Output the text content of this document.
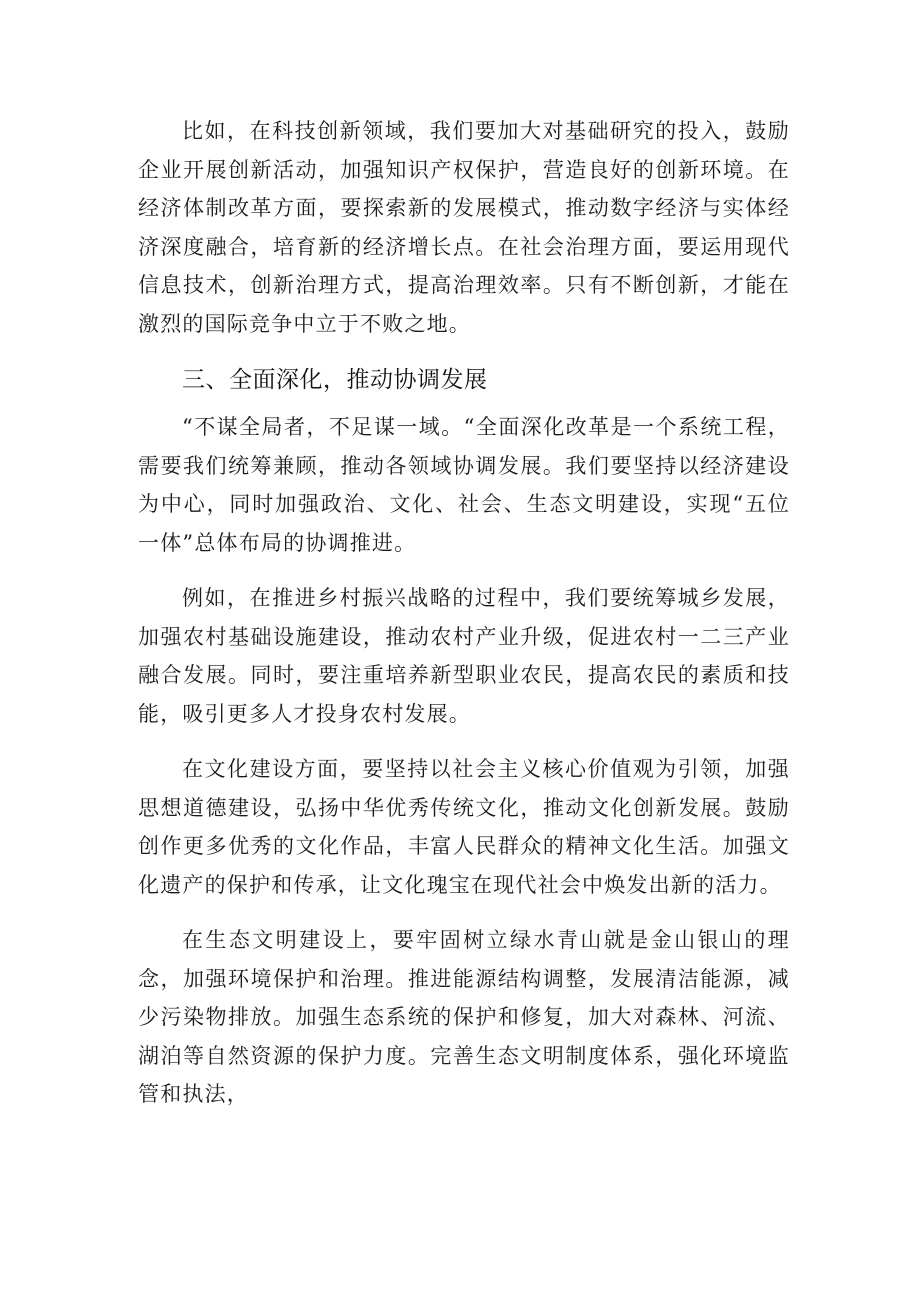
比如，在科技创新领域，我们要加大对基础研究的投入，鼓励企业开展创新活动，加强知识产权保护，营造良好的创新环境。在经济体制改革方面，要探索新的发展模式，推动数字经济与实体经济深度融合，培育新的经济增长点。在社会治理方面，要运用现代信息技术，创新治理方式，提高治理效率。只有不断创新，才能在激烈的国际竞争中立于不败之地。

三、全面深化，推动协调发展

“不谋全局者，不足谋一域。“全面深化改革是一个系统工程，需要我们统筹兼顾，推动各领域协调发展。我们要坚持以经济建设为中心，同时加强政治、文化、社会、生态文明建设，实现“五位一体”总体布局的协调推进。

例如，在推进乡村振兴战略的过程中，我们要统筹城乡发展，加强农村基础设施建设，推动农村产业升级，促进农村一二三产业融合发展。同时，要注重培养新型职业农民，提高农民的素质和技能，吸引更多人才投身农村发展。

在文化建设方面，要坚持以社会主义核心价值观为引领，加强思想道德建设，弘扬中华优秀传统文化，推动文化创新发展。鼓励创作更多优秀的文化作品，丰富人民群众的精神文化生活。加强文化遗产的保护和传承，让文化瑰宝在现代社会中焕发出新的活力。

在生态文明建设上，要牢固树立绿水青山就是金山银山的理念，加强环境保护和治理。推进能源结构调整，发展清洁能源，减少污染物排放。加强生态系统的保护和修复，加大对森林、河流、湖泊等自然资源的保护力度。完善生态文明制度体系，强化环境监管和执法，
